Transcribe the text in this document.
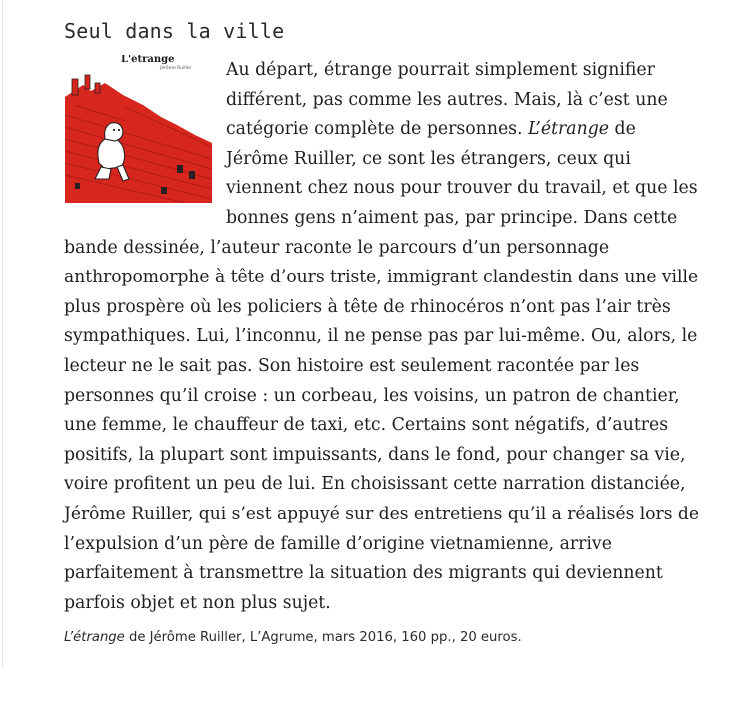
Seul dans la ville
L'étrange
Jérôme Ruiller	Au départ, étrange pourrait simplement signifier
différent, pas comme les autres. Mais, là c’est une
catégorie complète de personnes. L’étrange de
Jérôme Ruiller, ce sont les étrangers, ceux qui
viennent chez nous pour trouver du travail, et que les
bonnes gens n’aiment pas, par principe. Dans cette
bande dessinée, l’auteur raconte le parcours d’un personnage
anthropomorphe à tête d’ours triste, immigrant clandestin dans une ville
plus prospère où les policiers à tête de rhinocéros n’ont pas l’air très
sympathiques. Lui, l’inconnu, il ne pense pas par lui-même. Ou, alors, le
lecteur ne le sait pas. Son histoire est seulement racontée par les
personnes qu’il croise : un corbeau, les voisins, un patron de chantier,
une femme, le chauffeur de taxi, etc. Certains sont négatifs, d’autres
positifs, la plupart sont impuissants, dans le fond, pour changer sa vie,
voire profitent un peu de lui. En choisissant cette narration distanciée,
Jérôme Ruiller, qui s’est appuyé sur des entretiens qu’il a réalisés lors de
l’expulsion d’un père de famille d’origine vietnamienne, arrive
parfaitement à transmettre la situation des migrants qui deviennent
parfois objet et non plus sujet.
L’étrange de Jérôme Ruiller, L’Agrume, mars 2016, 160 pp., 20 euros.
